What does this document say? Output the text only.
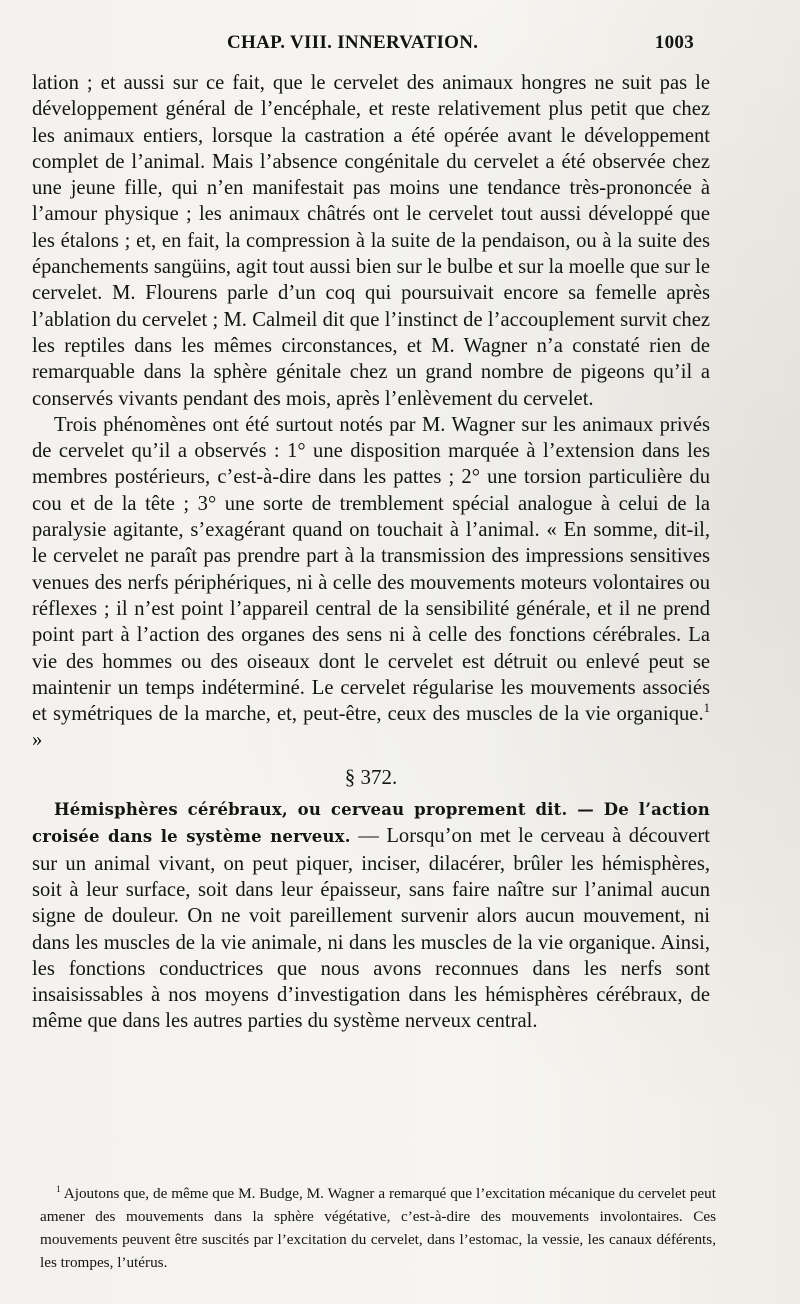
CHAP. VIII. INNERVATION.	1003

lation ; et aussi sur ce fait, que le cervelet des animaux hongres ne suit pas le développement général de l’encéphale, et reste relativement plus petit que chez les animaux entiers, lorsque la castration a été opérée avant le développement complet de l’animal. Mais l’absence congénitale du cervelet a été observée chez une jeune fille, qui n’en manifestait pas moins une tendance très-prononcée à l’amour physique ; les animaux châtrés ont le cervelet tout aussi développé que les étalons ; et, en fait, la compression à la suite de la pendaison, ou à la suite des épanchements sangüins, agit tout aussi bien sur le bulbe et sur la moelle que sur le cervelet. M. Flourens parle d’un coq qui poursuivait encore sa femelle après l’ablation du cervelet ; M. Calmeil dit que l’instinct de l’accouplement survit chez les reptiles dans les mêmes circonstances, et M. Wagner n’a constaté rien de remarquable dans la sphère génitale chez un grand nombre de pigeons qu’il a conservés vivants pendant des mois, après l’enlèvement du cervelet.

Trois phénomènes ont été surtout notés par M. Wagner sur les animaux privés de cervelet qu’il a observés : 1° une disposition marquée à l’extension dans les membres postérieurs, c’est-à-dire dans les pattes ; 2° une torsion particulière du cou et de la tête ; 3° une sorte de tremblement spécial analogue à celui de la paralysie agitante, s’exagérant quand on touchait à l’animal. « En somme, dit-il, le cervelet ne paraît pas prendre part à la transmission des impressions sensitives venues des nerfs périphériques, ni à celle des mouvements moteurs volontaires ou réflexes ; il n’est point l’appareil central de la sensibilité générale, et il ne prend point part à l’action des organes des sens ni à celle des fonctions cérébrales. La vie des hommes ou des oiseaux dont le cervelet est détruit ou enlevé peut se maintenir un temps indéterminé. Le cervelet régularise les mouvements associés et symétriques de la marche, et, peut-être, ceux des muscles de la vie organique.$^1$ »

§ 372.

Hémisphères cérébraux, ou cerveau proprement dit. — De l’action croisée dans le système nerveux. — Lorsqu’on met le cerveau à découvert sur un animal vivant, on peut piquer, inciser, dilacérer, brûler les hémisphères, soit à leur surface, soit dans leur épaisseur, sans faire naître sur l’animal aucun signe de douleur. On ne voit pareillement survenir alors aucun mouvement, ni dans les muscles de la vie animale, ni dans les muscles de la vie organique. Ainsi, les fonctions conductrices que nous avons reconnues dans les nerfs sont insaisissables à nos moyens d’investigation dans les hémisphères cérébraux, de même que dans les autres parties du système nerveux central.

$^1$ Ajoutons que, de même que M. Budge, M. Wagner a remarqué que l’excitation mécanique du cervelet peut amener des mouvements dans la sphère végétative, c’est-à-dire des mouvements involontaires. Ces mouvements peuvent être suscités par l’excitation du cervelet, dans l’estomac, la vessie, les canaux déférents, les trompes, l’utérus.
